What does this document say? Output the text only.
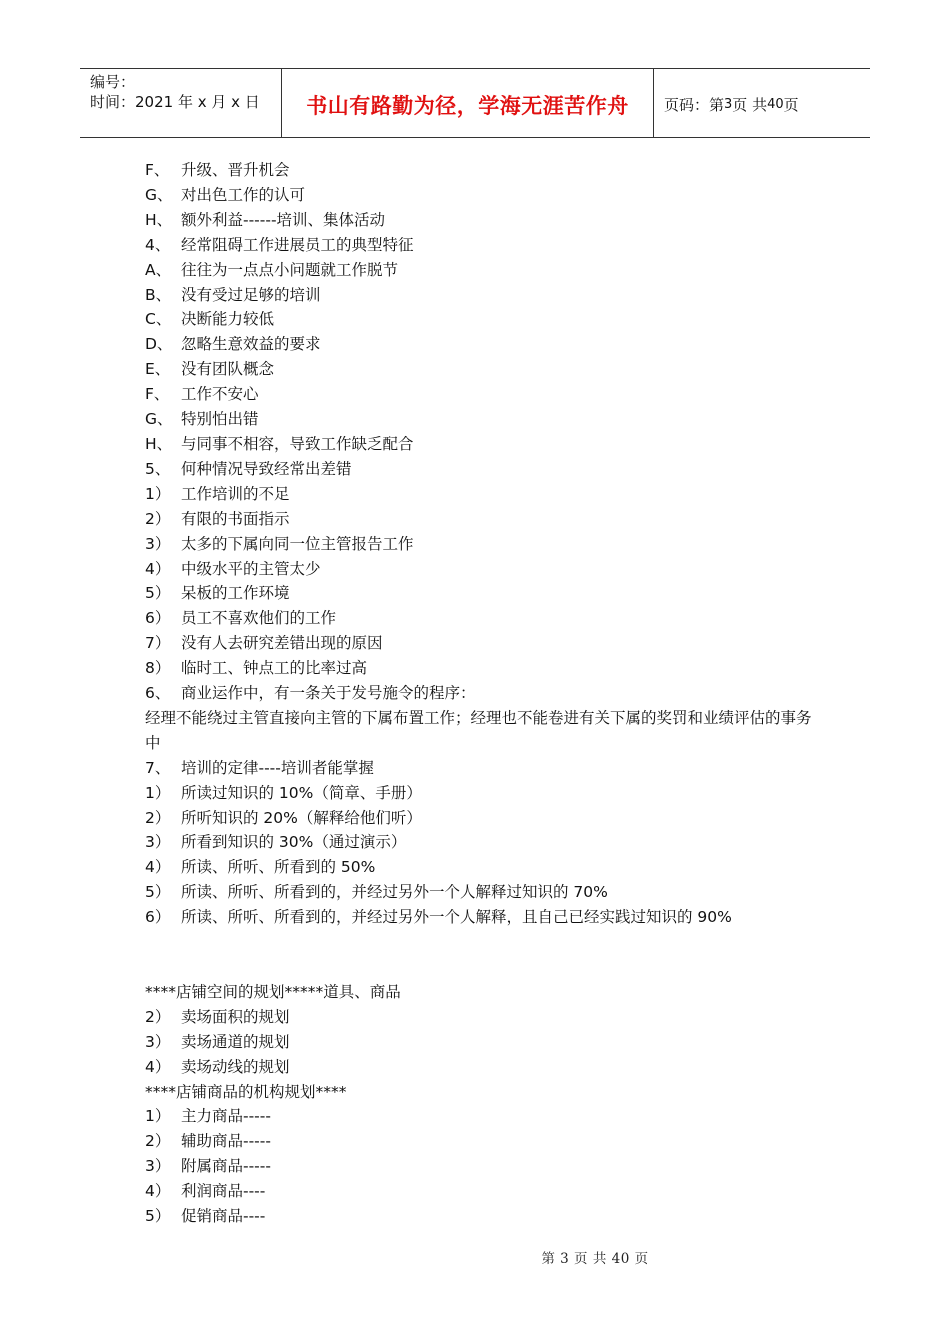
编号：
时间：2021 年 x 月 x 日	书山有路勤为径，学海无涯苦作舟 页码：第 3 页 共 40 页
F、 升级、晋升机会
G、 对出色工作的认可
H、 额外利益------培训、集体活动
4、 经常阻碍工作进展员工的典型特征
A、 往往为一点点小问题就工作脱节
B、 没有受过足够的培训
C、 决断能力较低
D、 忽略生意效益的要求
E、 没有团队概念
F、 工作不安心
G、 特别怕出错
H、 与同事不相容，导致工作缺乏配合
5、 何种情况导致经常出差错
1） 工作培训的不足
2） 有限的书面指示
3） 太多的下属向同一位主管报告工作
4） 中级水平的主管太少
5） 呆板的工作环境
6） 员工不喜欢他们的工作
7） 没有人去研究差错出现的原因
8） 临时工、钟点工的比率过高
6、 商业运作中，有一条关于发号施令的程序：
经理不能绕过主管直接向主管的下属布置工作；经理也不能卷进有关下属的奖罚和业绩评估的事务中
7、 培训的定律----培训者能掌握
1） 所读过知识的 10%（简章、手册）
2） 所听知识的 20%（解释给他们听）
3） 所看到知识的 30%（通过演示）
4） 所读、所听、所看到的 50%
5） 所读、所听、所看到的，并经过另外一个人解释过知识的 70%
6） 所读、所听、所看到的，并经过另外一个人解释，且自己已经实践过知识的 90%
****店铺空间的规划*****道具、商品
2） 卖场面积的规划
3） 卖场通道的规划
4） 卖场动线的规划
****店铺商品的机构规划****
1） 主力商品-----
2） 辅助商品-----
3） 附属商品-----
4） 利润商品----
5） 促销商品----
第 3 页 共 40 页
